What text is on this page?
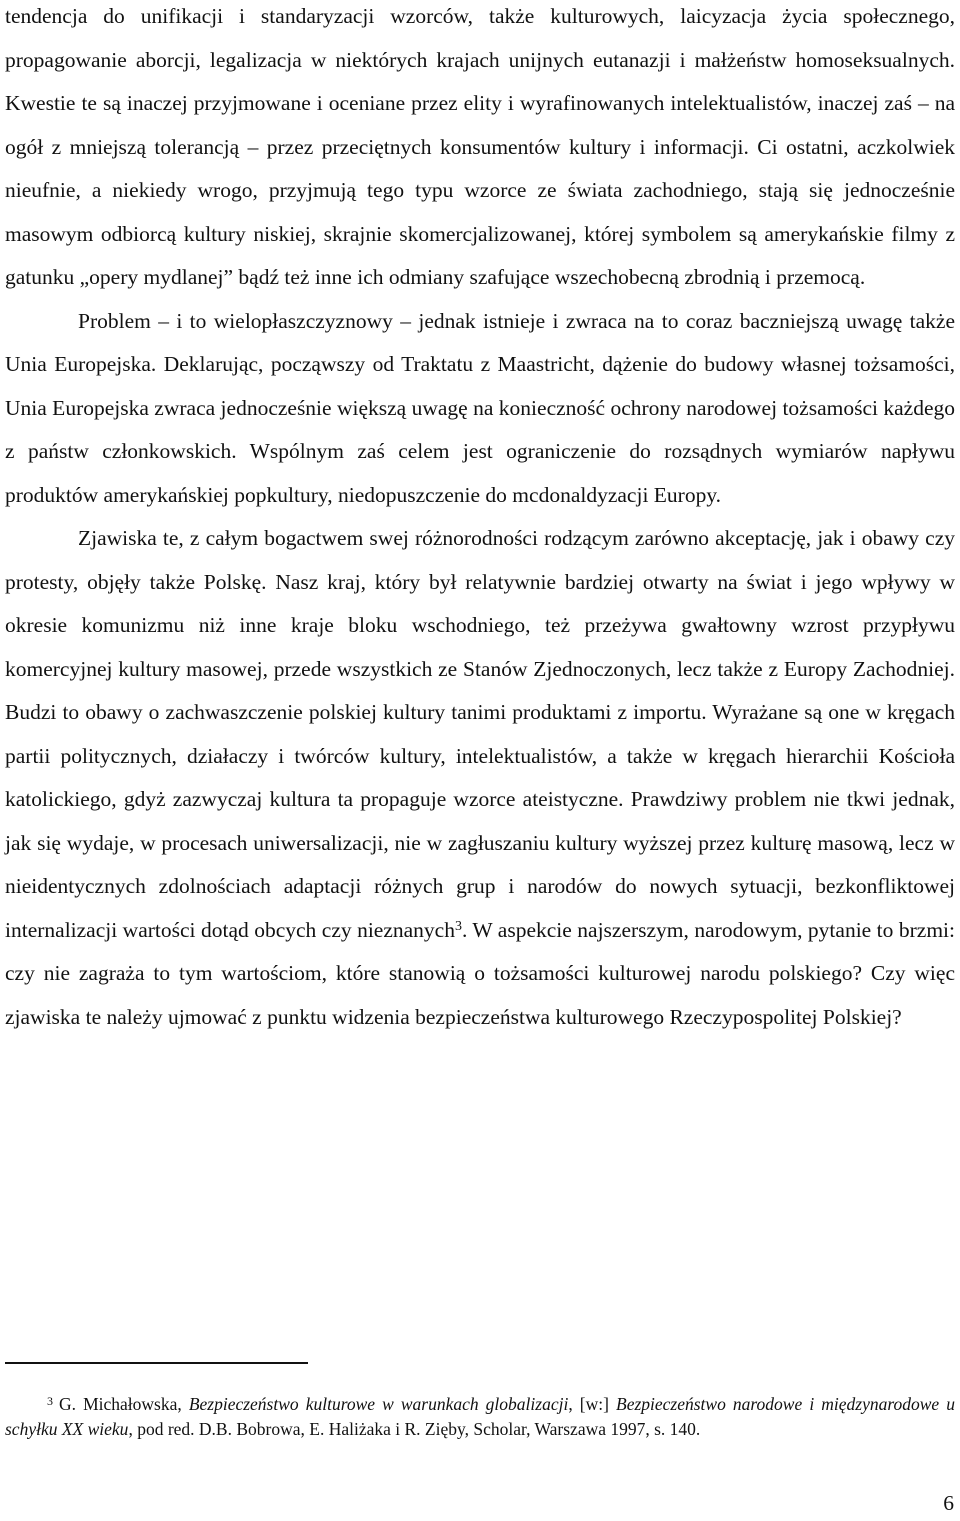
tendencja do unifikacji i standaryzacji wzorców, także kulturowych, laicyzacja życia społecznego, propagowanie aborcji, legalizacja w niektórych krajach unijnych eutanazji i małżeństw homoseksualnych. Kwestie te są inaczej przyjmowane i oceniane przez elity i wyrafinowanych intelektualistów, inaczej zaś – na ogół z mniejszą tolerancją – przez przeciętnych konsumentów kultury i informacji. Ci ostatni, aczkolwiek nieufnie, a niekiedy wrogo, przyjmują tego typu wzorce ze świata zachodniego, stają się jednocześnie masowym odbiorcą kultury niskiej, skrajnie skomercjalizowanej, której symbolem są amerykańskie filmy z gatunku „opery mydlanej” bądź też inne ich odmiany szafujące wszechobecną zbrodnią i przemocą.

Problem – i to wielopłaszczyznowy – jednak istnieje i zwraca na to coraz baczniejszą uwagę także Unia Europejska. Deklarując, począwszy od Traktatu z Maastricht, dążenie do budowy własnej tożsamości, Unia Europejska zwraca jednocześnie większą uwagę na konieczność ochrony narodowej tożsamości każdego z państw członkowskich. Wspólnym zaś celem jest ograniczenie do rozsądnych wymiarów napływu produktów amerykańskiej popkultury, niedopuszczenie do mcdonaldyzacji Europy.

Zjawiska te, z całym bogactwem swej różnorodności rodzącym zarówno akceptację, jak i obawy czy protesty, objęły także Polskę. Nasz kraj, który był relatywnie bardziej otwarty na świat i jego wpływy w okresie komunizmu niż inne kraje bloku wschodniego, też przeżywa gwałtowny wzrost przypływu komercyjnej kultury masowej, przede wszystkich ze Stanów Zjednoczonych, lecz także z Europy Zachodniej. Budzi to obawy o zachwaszczenie polskiej kultury tanimi produktami z importu. Wyrażane są one w kręgach partii politycznych, działaczy i twórców kultury, intelektualistów, a także w kręgach hierarchii Kościoła katolickiego, gdyż zazwyczaj kultura ta propaguje wzorce ateistyczne. Prawdziwy problem nie tkwi jednak, jak się wydaje, w procesach uniwersalizacji, nie w zagłuszaniu kultury wyższej przez kulturę masową, lecz w nieidentycznych zdolnościach adaptacji różnych grup i narodów do nowych sytuacji, bezkonfliktowej internalizacji wartości dotąd obcych czy nieznanych$^3$. W aspekcie najszerszym, narodowym, pytanie to brzmi: czy nie zagraża to tym wartościom, które stanowią o tożsamości kulturowej narodu polskiego? Czy więc zjawiska te należy ujmować z punktu widzenia bezpieczeństwa kulturowego Rzeczypospolitej Polskiej?

$^3$ G. Michałowska, Bezpieczeństwo kulturowe w warunkach globalizacji, [w:] Bezpieczeństwo narodowe i międzynarodowe u schyłku XX wieku, pod red. D.B. Bobrowa, E. Haliżaka i R. Zięby, Scholar, Warszawa 1997, s. 140.

6
